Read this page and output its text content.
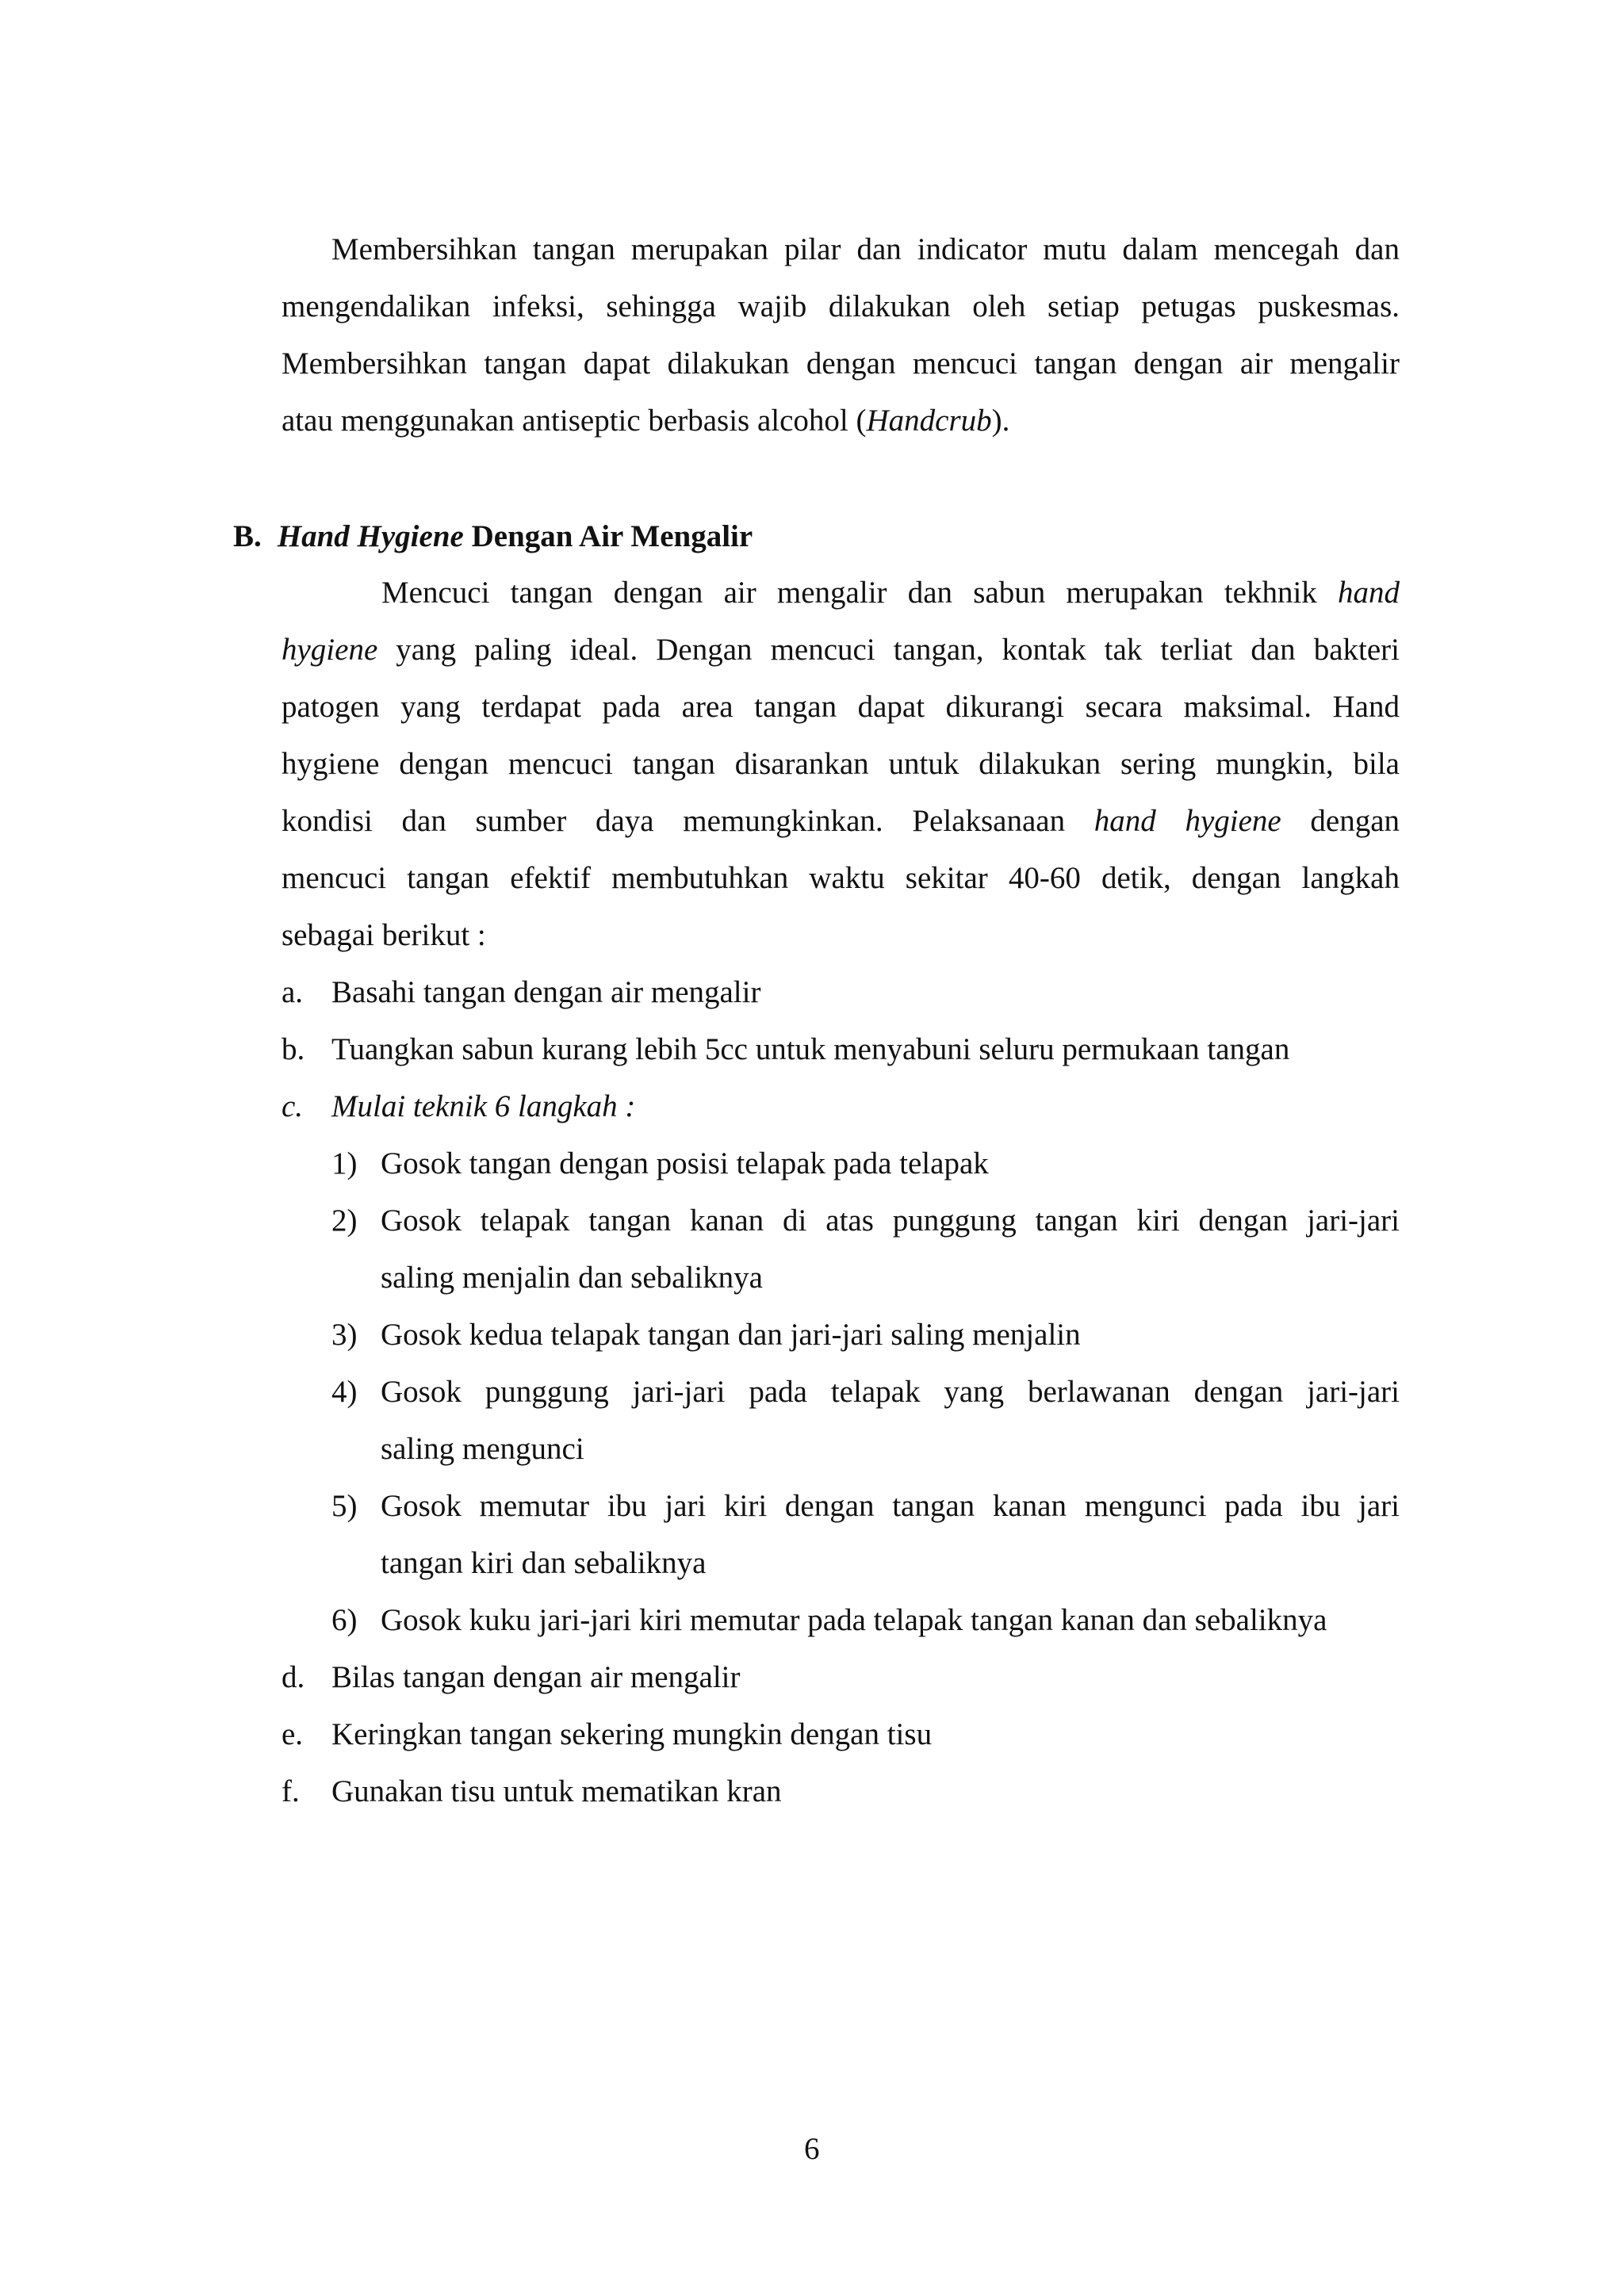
Membersihkan tangan merupakan pilar dan indicator mutu dalam mencegah dan

mengendalikan infeksi, sehingga wajib dilakukan oleh setiap petugas puskesmas.

Membersihkan tangan dapat dilakukan dengan mencuci tangan dengan air mengalir

atau menggunakan antiseptic berbasis alcohol (Handcrub).

B. Hand Hygiene Dengan Air Mengalir

Mencuci tangan dengan air mengalir dan sabun merupakan tekhnik hand

hygiene yang paling ideal. Dengan mencuci tangan, kontak tak terliat dan bakteri

patogen yang terdapat pada area tangan dapat dikurangi secara maksimal. Hand

hygiene dengan mencuci tangan disarankan untuk dilakukan sering mungkin, bila

kondisi dan sumber daya memungkinkan. Pelaksanaan hand hygiene dengan

mencuci tangan efektif membutuhkan waktu sekitar 40-60 detik, dengan langkah

sebagai berikut :

a. Basahi tangan dengan air mengalir

b. Tuangkan sabun kurang lebih 5cc untuk menyabuni seluru permukaan tangan

c. Mulai teknik 6 langkah :

1) Gosok tangan dengan posisi telapak pada telapak

2) Gosok telapak tangan kanan di atas punggung tangan kiri dengan jari-jari

saling menjalin dan sebaliknya

3) Gosok kedua telapak tangan dan jari-jari saling menjalin

4) Gosok punggung jari-jari pada telapak yang berlawanan dengan jari-jari

saling mengunci

5) Gosok memutar ibu jari kiri dengan tangan kanan mengunci pada ibu jari

tangan kiri dan sebaliknya

6) Gosok kuku jari-jari kiri memutar pada telapak tangan kanan dan sebaliknya

d. Bilas tangan dengan air mengalir

e. Keringkan tangan sekering mungkin dengan tisu

f. Gunakan tisu untuk mematikan kran

6
